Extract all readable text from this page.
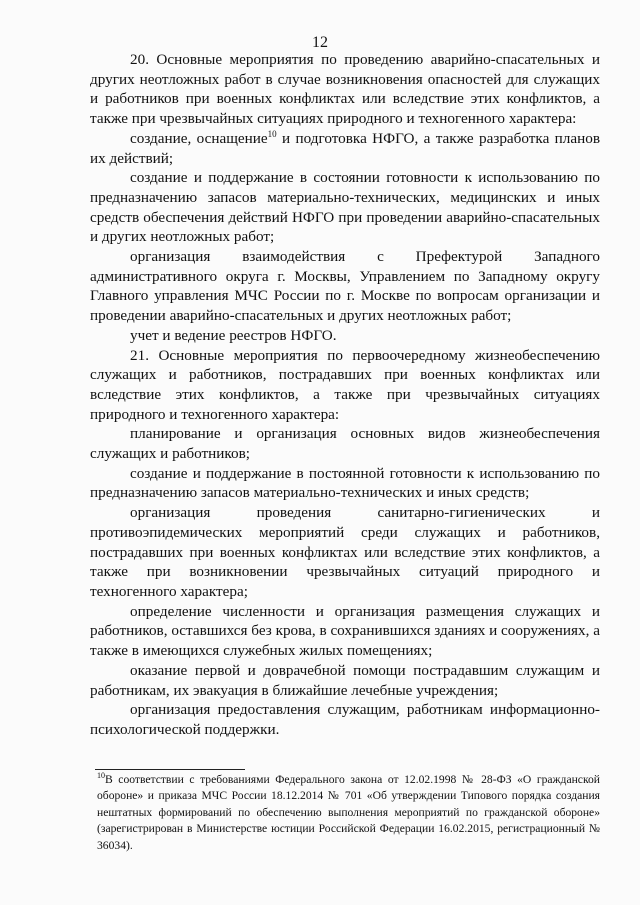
12

20. Основные мероприятия по проведению аварийно-спасательных и других неотложных работ в случае возникновения опасностей для служащих и работников при военных конфликтах или вследствие этих конфликтов, а также при чрезвычайных ситуациях природного и техногенного характера:

создание, оснащение$^{10}$ и подготовка НФГО, а также разработка планов их действий;

создание и поддержание в состоянии готовности к использованию по предназначению запасов материально-технических, медицинских и иных средств обеспечения действий НФГО при проведении аварийно-спасательных и других неотложных работ;

организация взаимодействия с Префектурой Западного административного округа г. Москвы, Управлением по Западному округу Главного управления МЧС России по г. Москве по вопросам организации и проведении аварийно-спасательных и других неотложных работ;

учет и ведение реестров НФГО.

21. Основные мероприятия по первоочередному жизнеобеспечению служащих и работников, пострадавших при военных конфликтах или вследствие этих конфликтов, а также при чрезвычайных ситуациях природного и техногенного характера:

планирование и организация основных видов жизнеобеспечения служащих и работников;

создание и поддержание в постоянной готовности к использованию по предназначению запасов материально-технических и иных средств;

организация проведения санитарно-гигиенических и противоэпидемических мероприятий среди служащих и работников, пострадавших при военных конфликтах или вследствие этих конфликтов, а также при возникновении чрезвычайных ситуаций природного и техногенного характера;

определение численности и организация размещения служащих и работников, оставшихся без крова, в сохранившихся зданиях и сооружениях, а также в имеющихся служебных жилых помещениях;

оказание первой и доврачебной помощи пострадавшим служащим и работникам, их эвакуация в ближайшие лечебные учреждения;

организация предоставления служащим, работникам информационно-психологической поддержки.

$^{10}$В соответствии с требованиями Федерального закона от 12.02.1998 № 28-ФЗ «О гражданской обороне» и приказа МЧС России 18.12.2014 № 701 «Об утверждении Типового порядка создания нештатных формирований по обеспечению выполнения мероприятий по гражданской обороне» (зарегистрирован в Министерстве юстиции Российской Федерации 16.02.2015, регистрационный № 36034).
